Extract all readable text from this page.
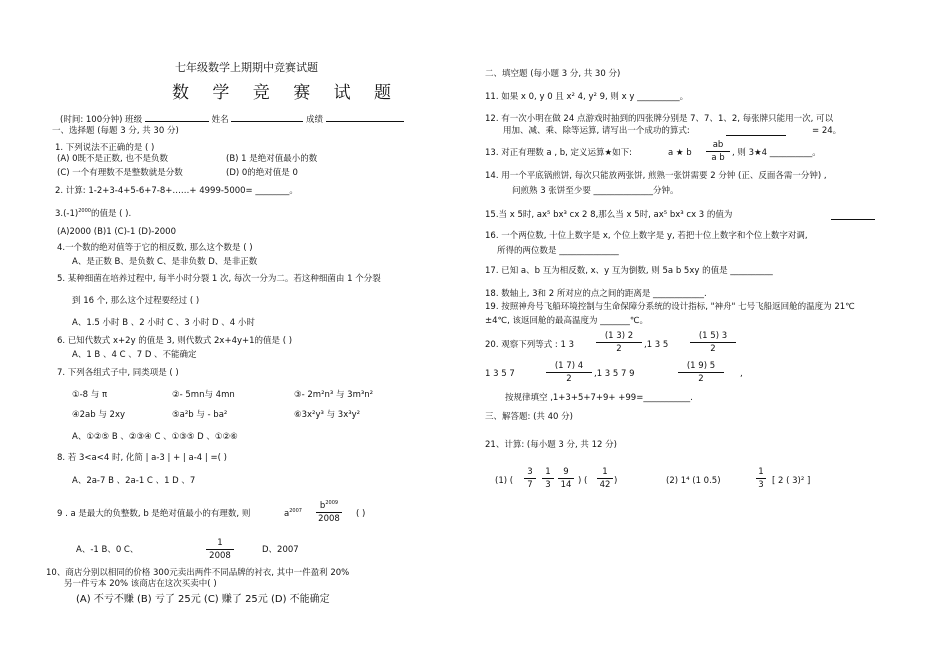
七年级数学上期期中竞赛试题
数 学 竞 赛 试 题
(时间: 100分钟) 班级	姓名	成绩
一、选择题 (每题 3 分, 共 30 分)
1. 下列说法不正确的是 ( )
(A) 0既不是正数, 也不是负数	(B) 1 是绝对值最小的数
(C) 一个有理数不是整数就是分数	(D) 0的绝对值是 0
2. 计算: 1-2+3-4+5-6+7-8+……+ 4999-5000= ________。
$3.(-1)^{2000}$的值是 ( ).
(A)2000 (B)1 (C)-1 (D)-2000
4.一个数的绝对值等于它的相反数, 那么这个数是 ( )
A、是正数 B、是负数 C、是非负数 D、是非正数
5. 某种细菌在培养过程中, 每半小时分裂 1 次, 每次一分为二。若这种细菌由 1 个分裂
到 16 个, 那么这个过程要经过 ( )
A、1.5 小时 B 、2 小时 C 、3 小时 D 、4 小时
6. 已知代数式 x+2y 的值是 3, 则代数式 2x+4y+1的值是 ( )
A、1 B 、4 C 、7 D 、不能确定
7. 下列各组式子中, 同类项是 ( )
①-8 与 π	②- 5mn与 4mn	③- 2m²n³ 与 3m³n²
④2ab 与 2xy	⑤a²b 与 - ba²	⑥3x²y³ 与 3x³y²
A、①②⑤ B 、②③④ C 、①③⑤ D 、①②⑥
8. 若 3<a<4 时, 化简 | a-3 | + | a-4 | =( )
A、2a-7 B 、2a-1 C 、1 D 、7
9 . a 是最大的负整数, b 是绝对值最小的有理数, 则	$a^{2007}$
$b^{2009}$
2008 ( )
A、-1 B、0 C、	$\frac{1}{2008}$	D、2007
10、商店分别以相同的价格 300元卖出两件不同品牌的衬衣, 其中一件盈利 20%
另一件亏本 20% 该商店在这次买卖中( )
(A) 不亏不赚 (B) 亏了 25元 (C) 赚了 25元 (D) 不能确定
二、填空题 (每小题 3 分, 共 30 分)
11. 如果 x 0, y 0 且 x² 4, y² 9, 则 x y __________。
12. 有一次小明在做 24 点游戏时抽到的四张牌分别是 7、7、1、2, 每张牌只能用一次, 可以
用加、减、乘、除等运算, 请写出一个成功的算式:	= 24。
13. 对正有理数 a , b, 定义运算★如下:	a ★ b $\frac{ab}{\text{a b}}$ , 则 3★4 __________。
14. 用一个平底锅煎饼, 每次只能放两张饼, 煎熟一张饼需要 2 分钟 (正、反面各需一分钟) ,
问煎熟 3 张饼至少要 ______________分钟。
15.当 x 5时, ax⁵ bx³ cx 2 8,那么当 x 5时, ax⁵ bx³ cx 3 的值为
16. 一个两位数, 十位上数字是 x, 个位上数字是 y, 若把十位上数字和个位上数字对调,
所得的两位数是 ______________
17. 已知 a、b 互为相反数, x、y 互为倒数, 则 5a b 5xy 的值是 __________
18. 数轴上, 3和 2 所对应的点之间的距离是 ____________.
19. 按照神舟号飞船环境控制与生命保障分系统的设计指标, "神舟" 七号飞船返回舱的温度为 21℃
±4℃, 该返回舱的最高温度为 _______℃。
20. 观察下列等式 : 1 3	$\frac{(1 3) 2}{2} ,1$ 3 5	$\frac{(1 5) 3}{2}$
1 3 5 7	$\frac{(1 7) 4}{2} ,1$ 3 5 7 9	$\frac{(1 9) 5}{2}$ ,
按规律填空 ,1+3+5+7+9+ +99=___________.
三、解答题: (共 40 分)
21、计算: (每小题 3 分, 共 12 分)
(1) ( $\frac{3}{7} \frac{1}{3} \frac{9}{14}$ ) ( $\frac{1}{42}$ )	(2) 1⁴ (1 0.5)	$\frac{1}{3}$ [ 2 ( 3)² ]
